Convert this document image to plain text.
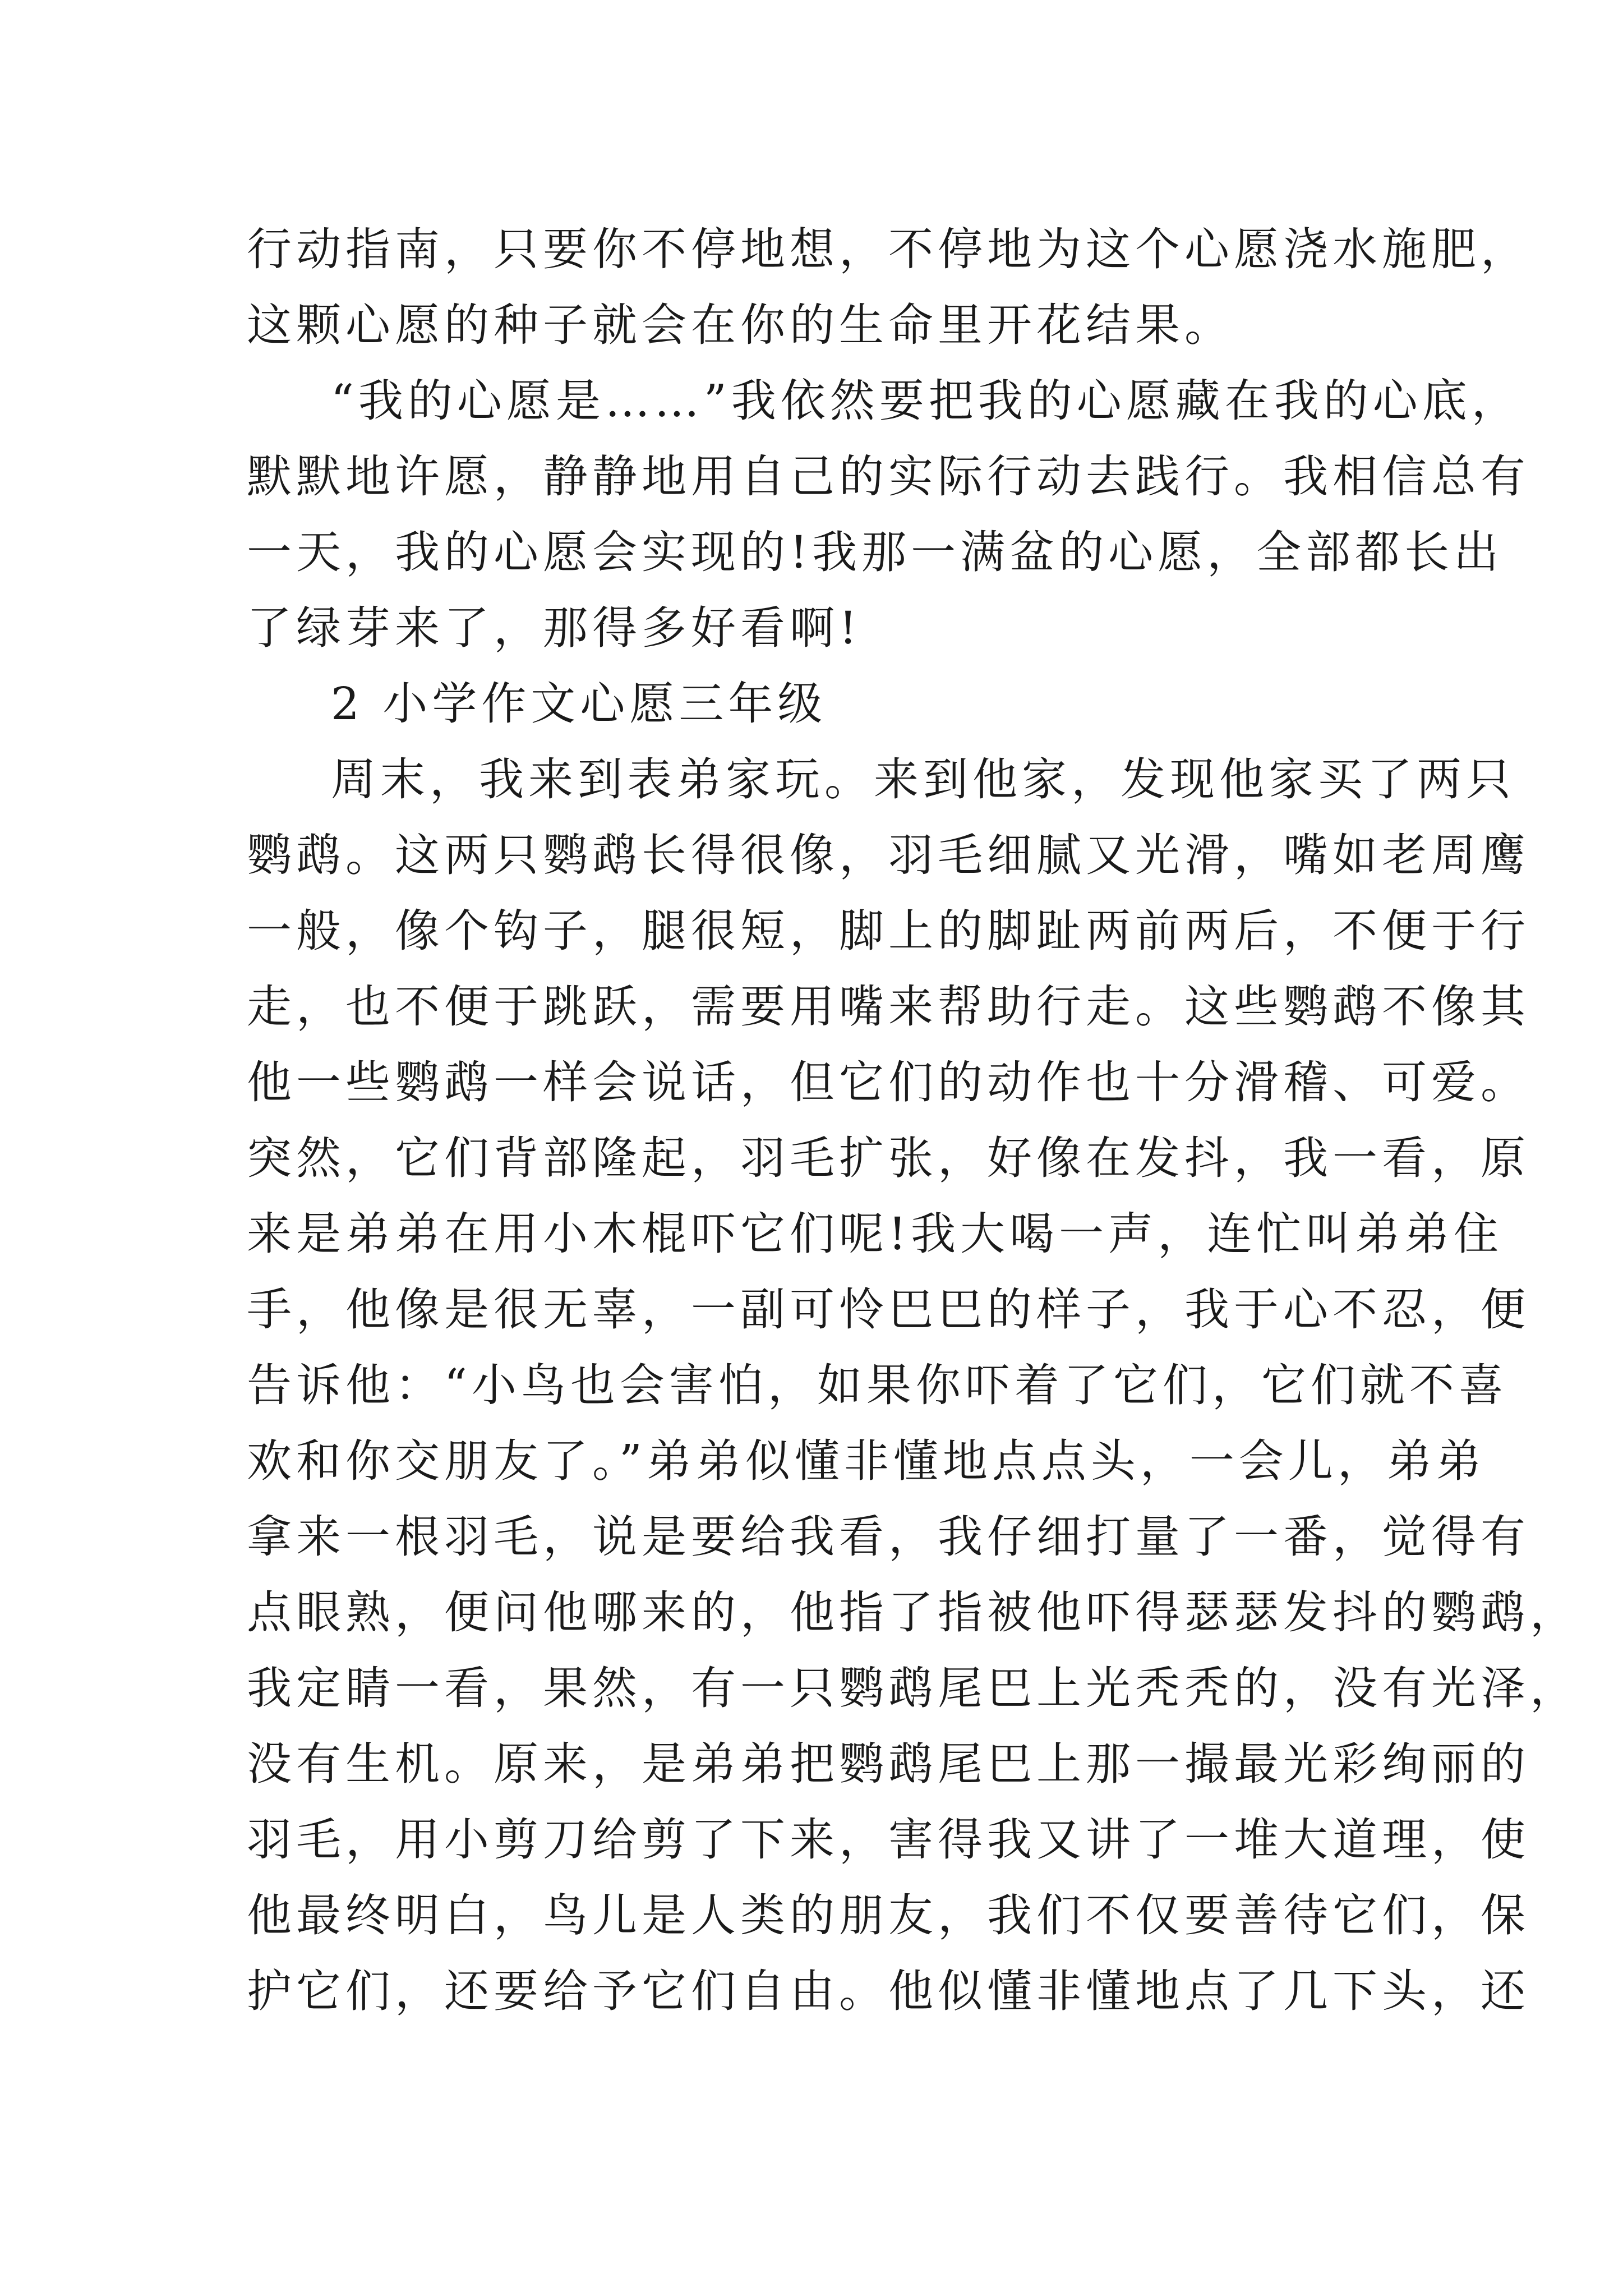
行动指南，只要你不停地想，不停地为这个心愿浇水施肥，
这颗心愿的种子就会在你的生命里开花结果。
“我的心愿是……”我依然要把我的心愿藏在我的心底，
默默地许愿，静静地用自己的实际行动去践行。我相信总有
一天，我的心愿会实现的!我那一满盆的心愿，全部都长出
了绿芽来了，那得多好看啊!
2 小学作文心愿三年级
周末，我来到表弟家玩。来到他家，发现他家买了两只
鹦鹉。这两只鹦鹉长得很像，羽毛细腻又光滑，嘴如老周鹰
一般，像个钩子，腿很短，脚上的脚趾两前两后，不便于行
走，也不便于跳跃，需要用嘴来帮助行走。这些鹦鹉不像其
他一些鹦鹉一样会说话，但它们的动作也十分滑稽、可爱。
突然，它们背部隆起，羽毛扩张，好像在发抖，我一看，原
来是弟弟在用小木棍吓它们呢!我大喝一声，连忙叫弟弟住
手，他像是很无辜，一副可怜巴巴的样子，我于心不忍，便
告诉他：“小鸟也会害怕，如果你吓着了它们，它们就不喜
欢和你交朋友了。”弟弟似懂非懂地点点头，一会儿，弟弟
拿来一根羽毛，说是要给我看，我仔细打量了一番，觉得有
点眼熟，便问他哪来的，他指了指被他吓得瑟瑟发抖的鹦鹉，
我定睛一看，果然，有一只鹦鹉尾巴上光秃秃的，没有光泽，
没有生机。原来，是弟弟把鹦鹉尾巴上那一撮最光彩绚丽的
羽毛，用小剪刀给剪了下来，害得我又讲了一堆大道理，使
他最终明白，鸟儿是人类的朋友，我们不仅要善待它们，保
护它们，还要给予它们自由。他似懂非懂地点了几下头，还
